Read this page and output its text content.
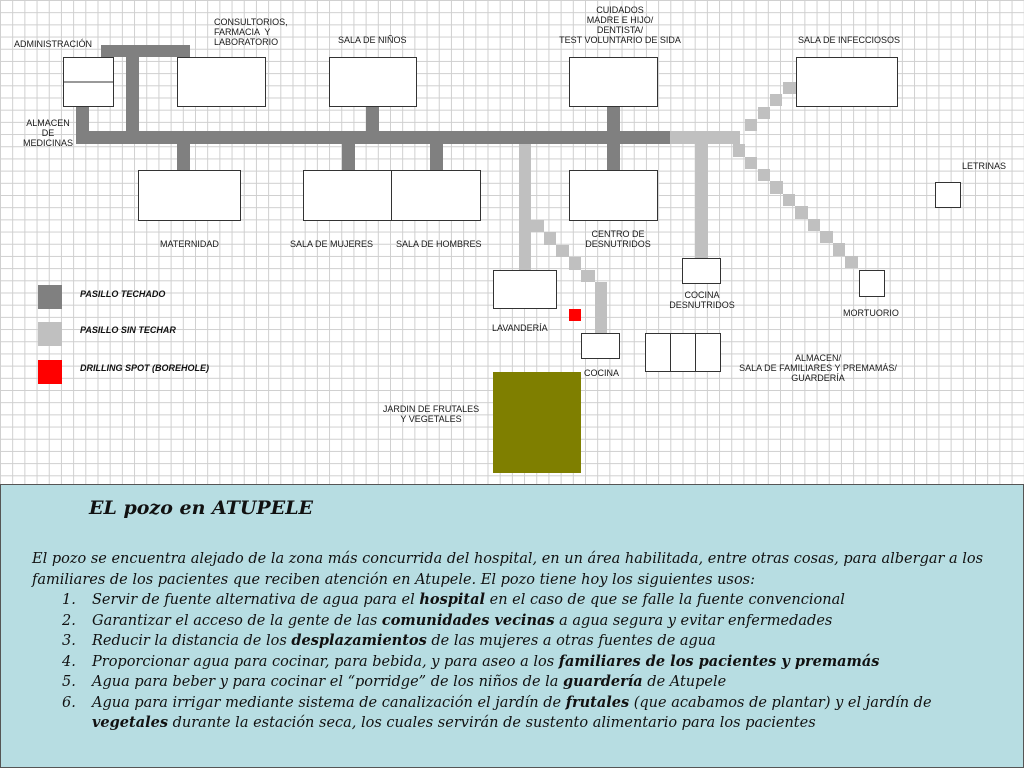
ADMINISTRACIÓN
CONSULTORIOS,
FARMACIA  Y
LABORATORIO	SALA DE NIÑOS
CUIDADOS
MADRE E HIJO/
DENTISTA/
TEST VOLUNTARIO DE SIDA	SALA DE INFECCIOSOS
ALMACEN
DE
MEDICINAS
LETRINAS
MATERNIDAD	SALA DE MUJERES	SALA DE HOMBRES
CENTRO DE
DESNUTRIDOS
COCINA
DESNUTRIDOS
MORTUORIO
LAVANDERÍA
COCINA
ALMACEN/
SALA DE FAMILIARES Y PREMAMÁS/
GUARDERÍA
JARDIN DE FRUTALES
Y VEGETALES
PASILLO TECHADO
PASILLO SIN TECHAR
DRILLING SPOT (BOREHOLE)
EL pozo en ATUPELE

El pozo se encuentra alejado de la zona más concurrida del hospital, en un área habilitada, entre otras cosas, para albergar a los familiares de los pacientes que reciben atención en Atupele. El pozo tiene hoy los siguientes usos:

1. Servir de fuente alternativa de agua para el hospital en el caso de que se falle la fuente convencional
2. Garantizar el acceso de la gente de las comunidades vecinas a agua segura y evitar enfermedades
3. Reducir la distancia de los desplazamientos de las mujeres a otras fuentes de agua
4. Proporcionar agua para cocinar, para bebida, y para aseo a los familiares de los pacientes y premamás
5. Agua para beber y para cocinar el “porridge” de los niños de la guardería de Atupele
6. Agua para irrigar mediante sistema de canalización el jardín de frutales (que acabamos de plantar) y el jardín de vegetales durante la estación seca, los cuales servirán de sustento alimentario para los pacientes
